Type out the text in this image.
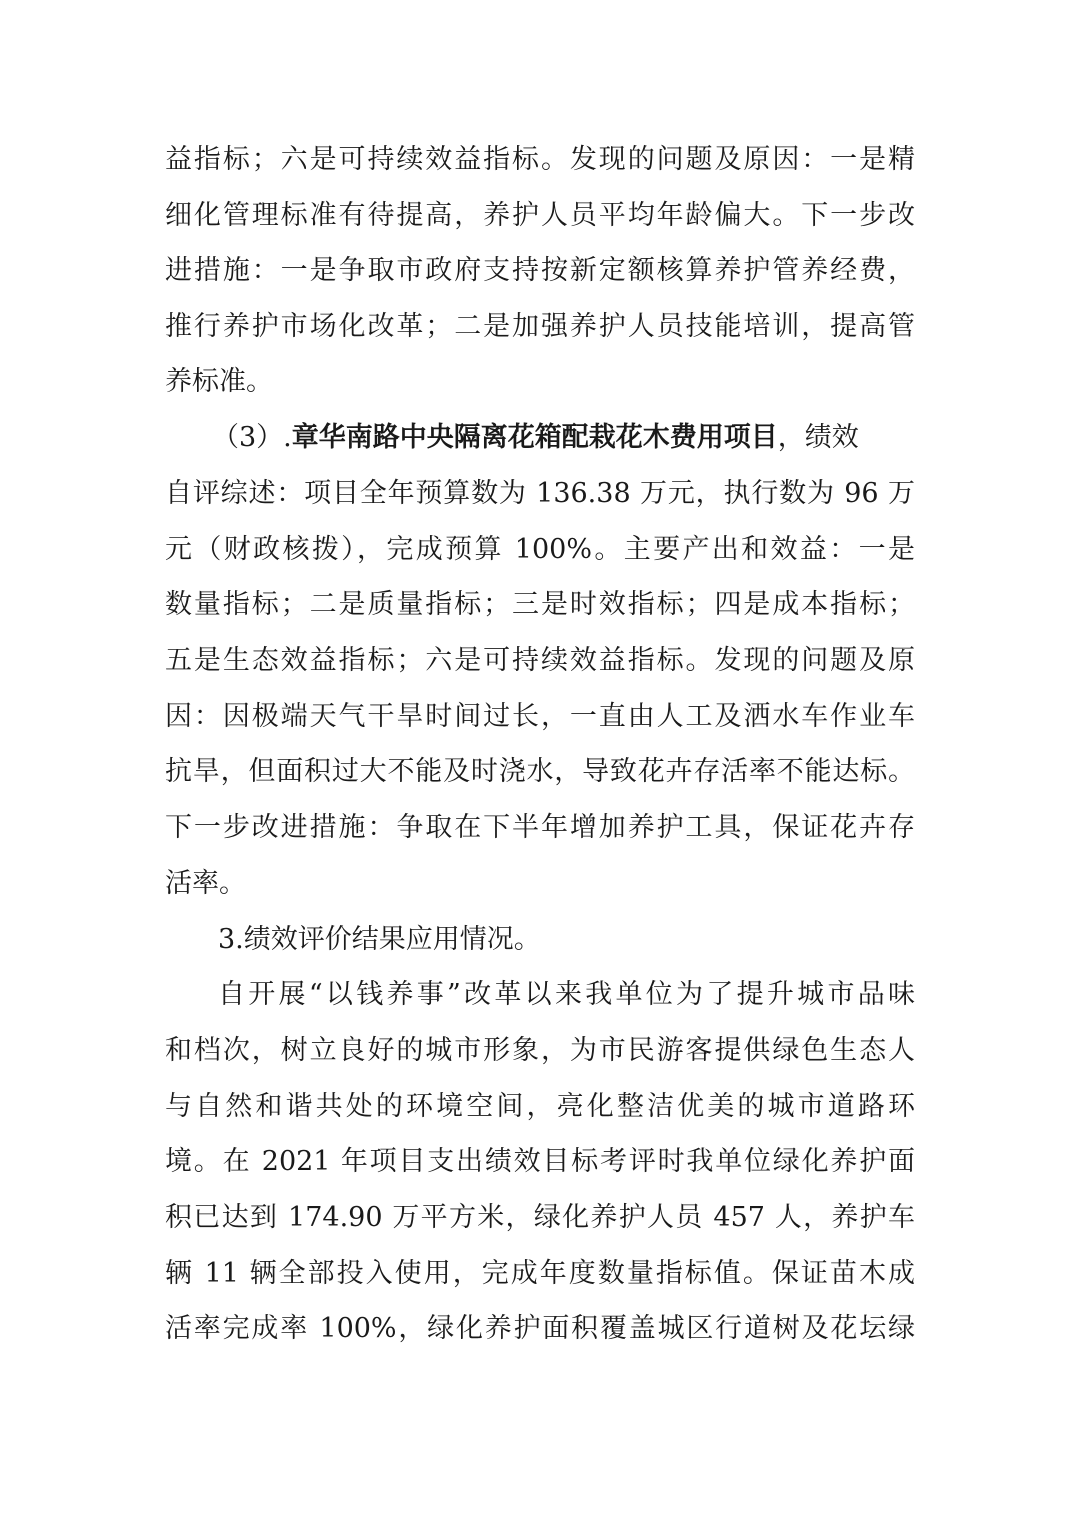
益指标；六是可持续效益指标。发现的问题及原因：一是精
细化管理标准有待提高，养护人员平均年龄偏大。下一步改
进措施：一是争取市政府支持按新定额核算养护管养经费，
推行养护市场化改革；二是加强养护人员技能培训，提高管
养标准。
（3）.章华南路中央隔离花箱配栽花木费用项目，绩效
自评综述：项目全年预算数为 136.38 万元，执行数为 96 万
元（财政核拨），完成预算 100%。主要产出和效益：一是
数量指标；二是质量指标；三是时效指标；四是成本指标；
五是生态效益指标；六是可持续效益指标。发现的问题及原
因：因极端天气干旱时间过长，一直由人工及洒水车作业车
抗旱，但面积过大不能及时浇水，导致花卉存活率不能达标。
下一步改进措施：争取在下半年增加养护工具，保证花卉存
活率。
3.绩效评价结果应用情况。
自开展“以钱养事”改革以来我单位为了提升城市品味
和档次，树立良好的城市形象，为市民游客提供绿色生态人
与自然和谐共处的环境空间，亮化整洁优美的城市道路环
境。在 2021 年项目支出绩效目标考评时我单位绿化养护面
积已达到 174.90 万平方米，绿化养护人员 457 人，养护车
辆 11 辆全部投入使用，完成年度数量指标值。保证苗木成
活率完成率 100%，绿化养护面积覆盖城区行道树及花坛绿
